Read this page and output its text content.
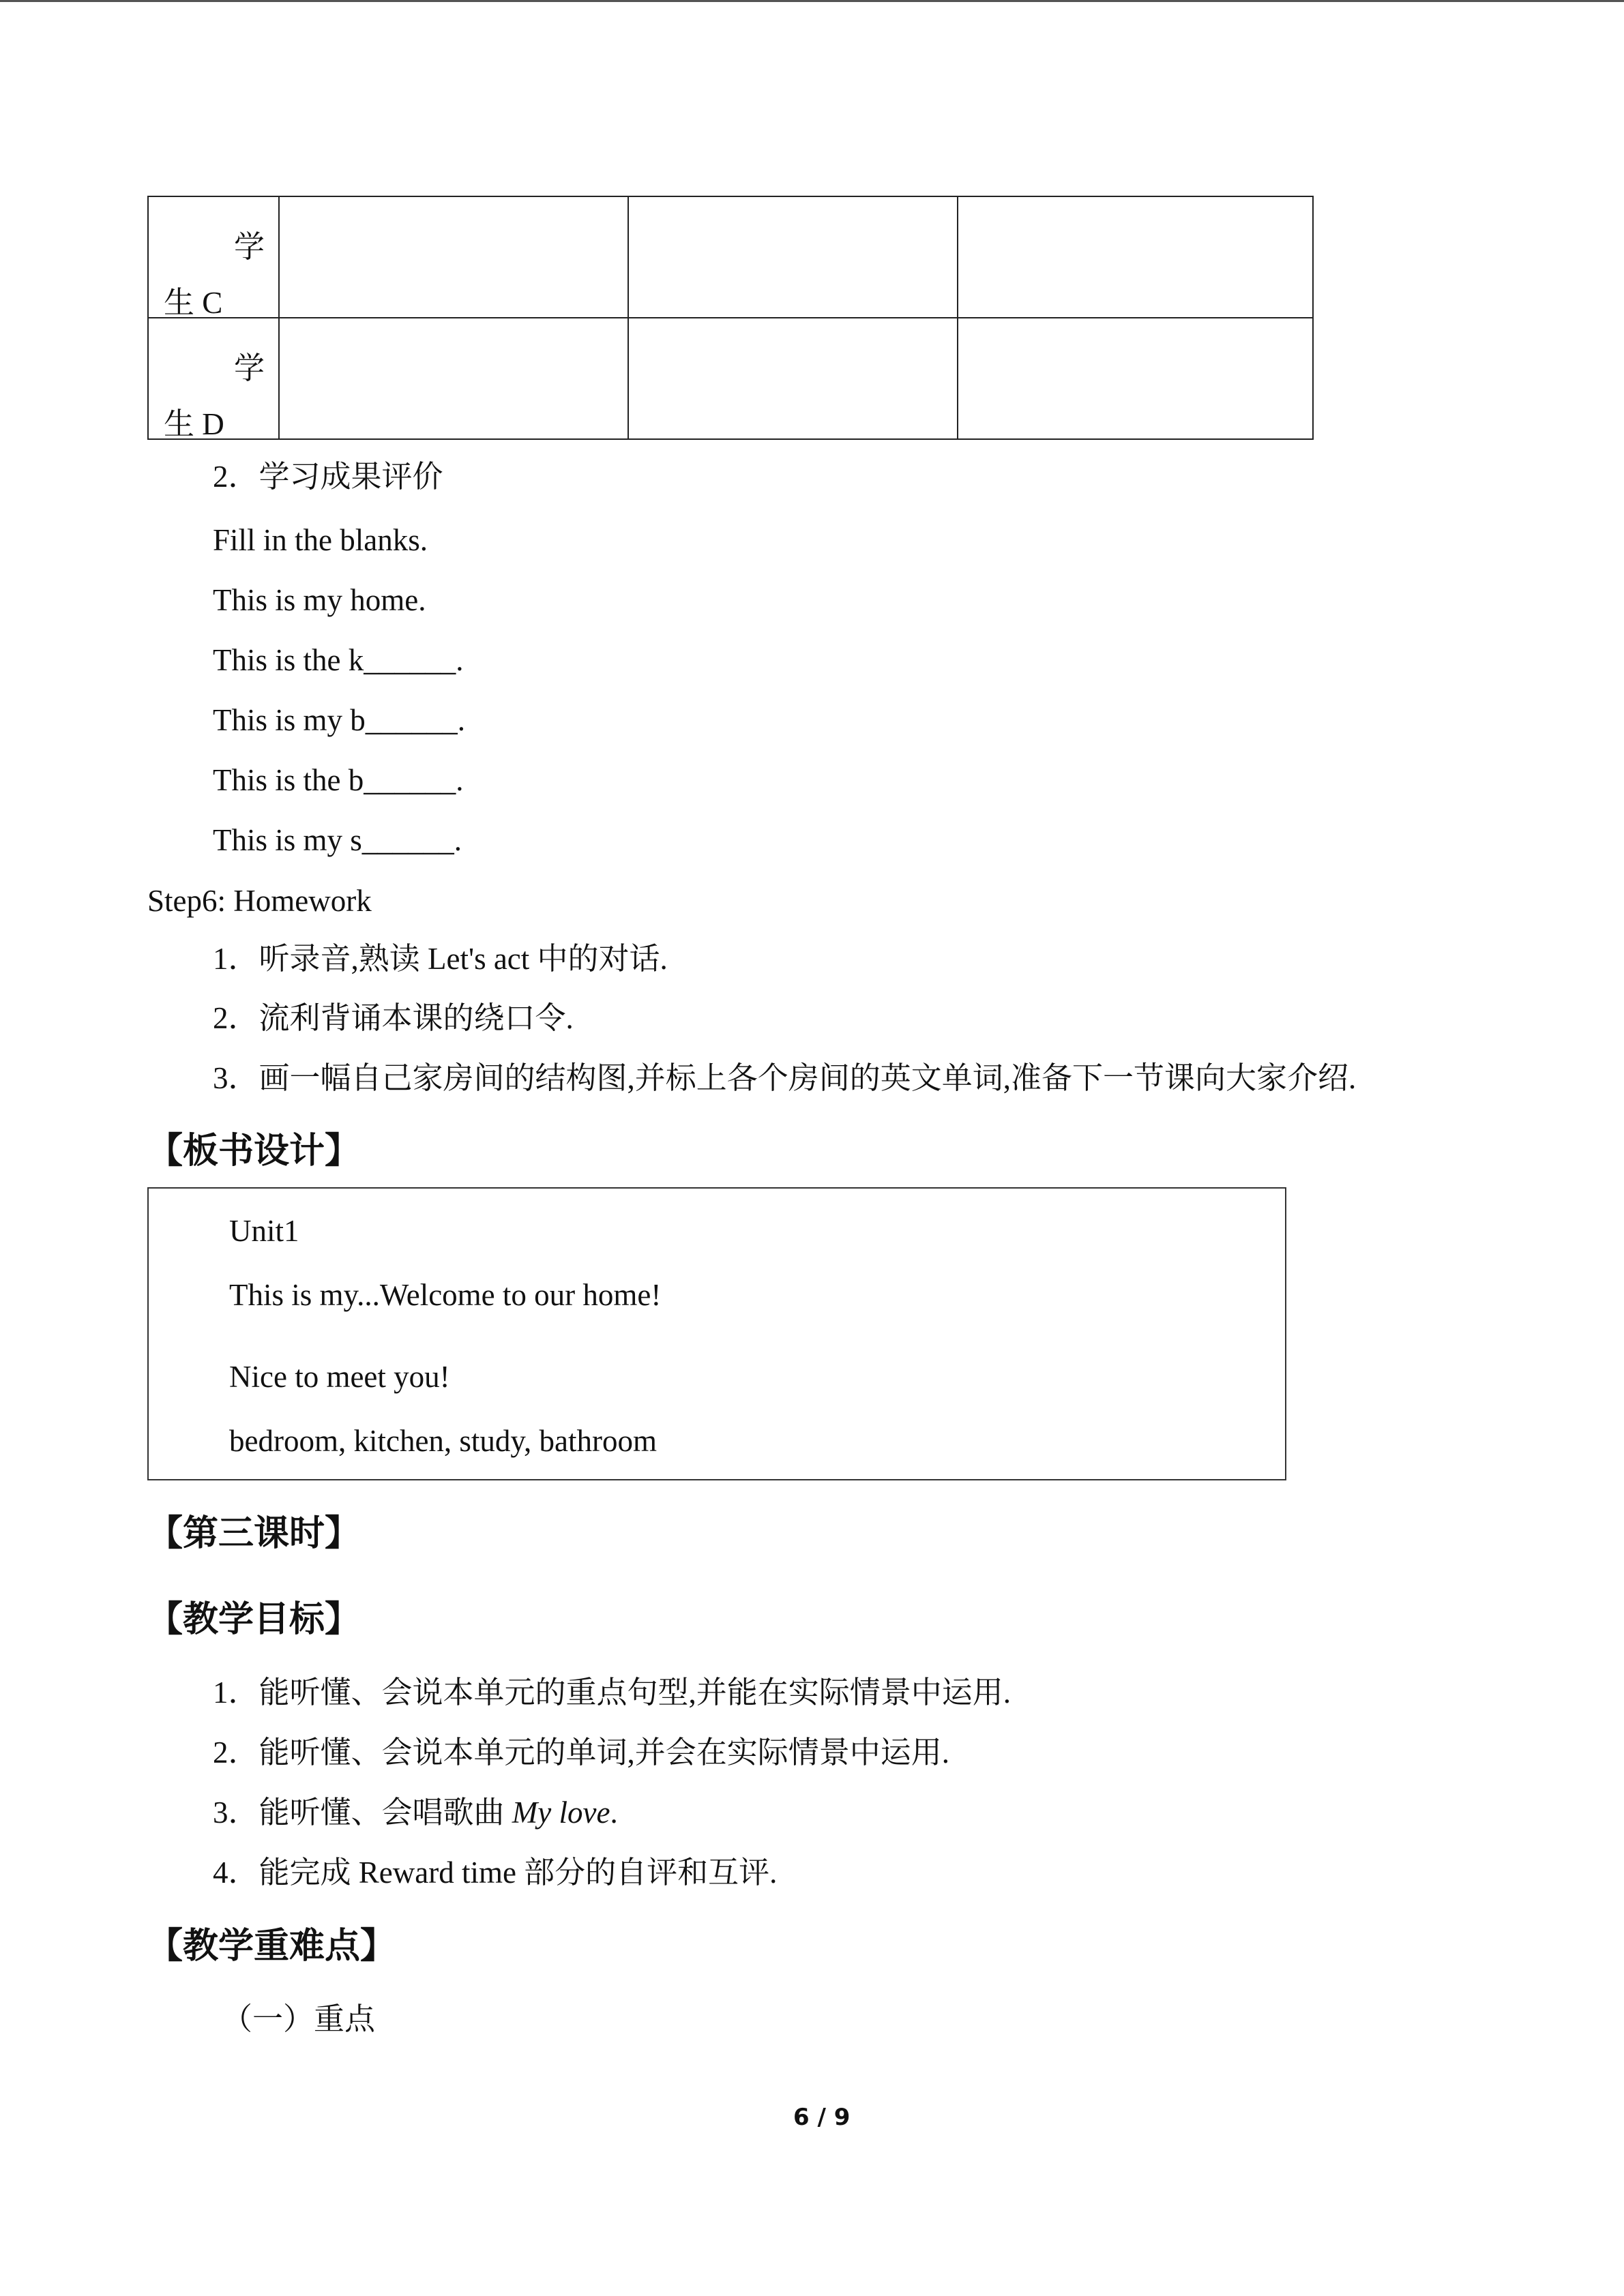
学
生 C			

学
生 D			

2．学习成果评价
Fill in the blanks.
This is my home.
This is the k______.
This is my b______.
This is the b______.
This is my s______.
Step6: Homework
1．听录音,熟读 Let's act 中的对话.
2．流利背诵本课的绕口令.
3．画一幅自己家房间的结构图,并标上各个房间的英文单词,准备下一节课向大家介绍.
【板书设计】
Unit1
This is my...Welcome to our home!
Nice to meet you!
bedroom, kitchen, study, bathroom
【第三课时】
【教学目标】
1．能听懂、会说本单元的重点句型,并能在实际情景中运用.
2．能听懂、会说本单元的单词,并会在实际情景中运用.
3．能听懂、会唱歌曲 My love.
4．能完成 Reward time 部分的自评和互评.
【教学重难点】
（一）重点
6 / 9
